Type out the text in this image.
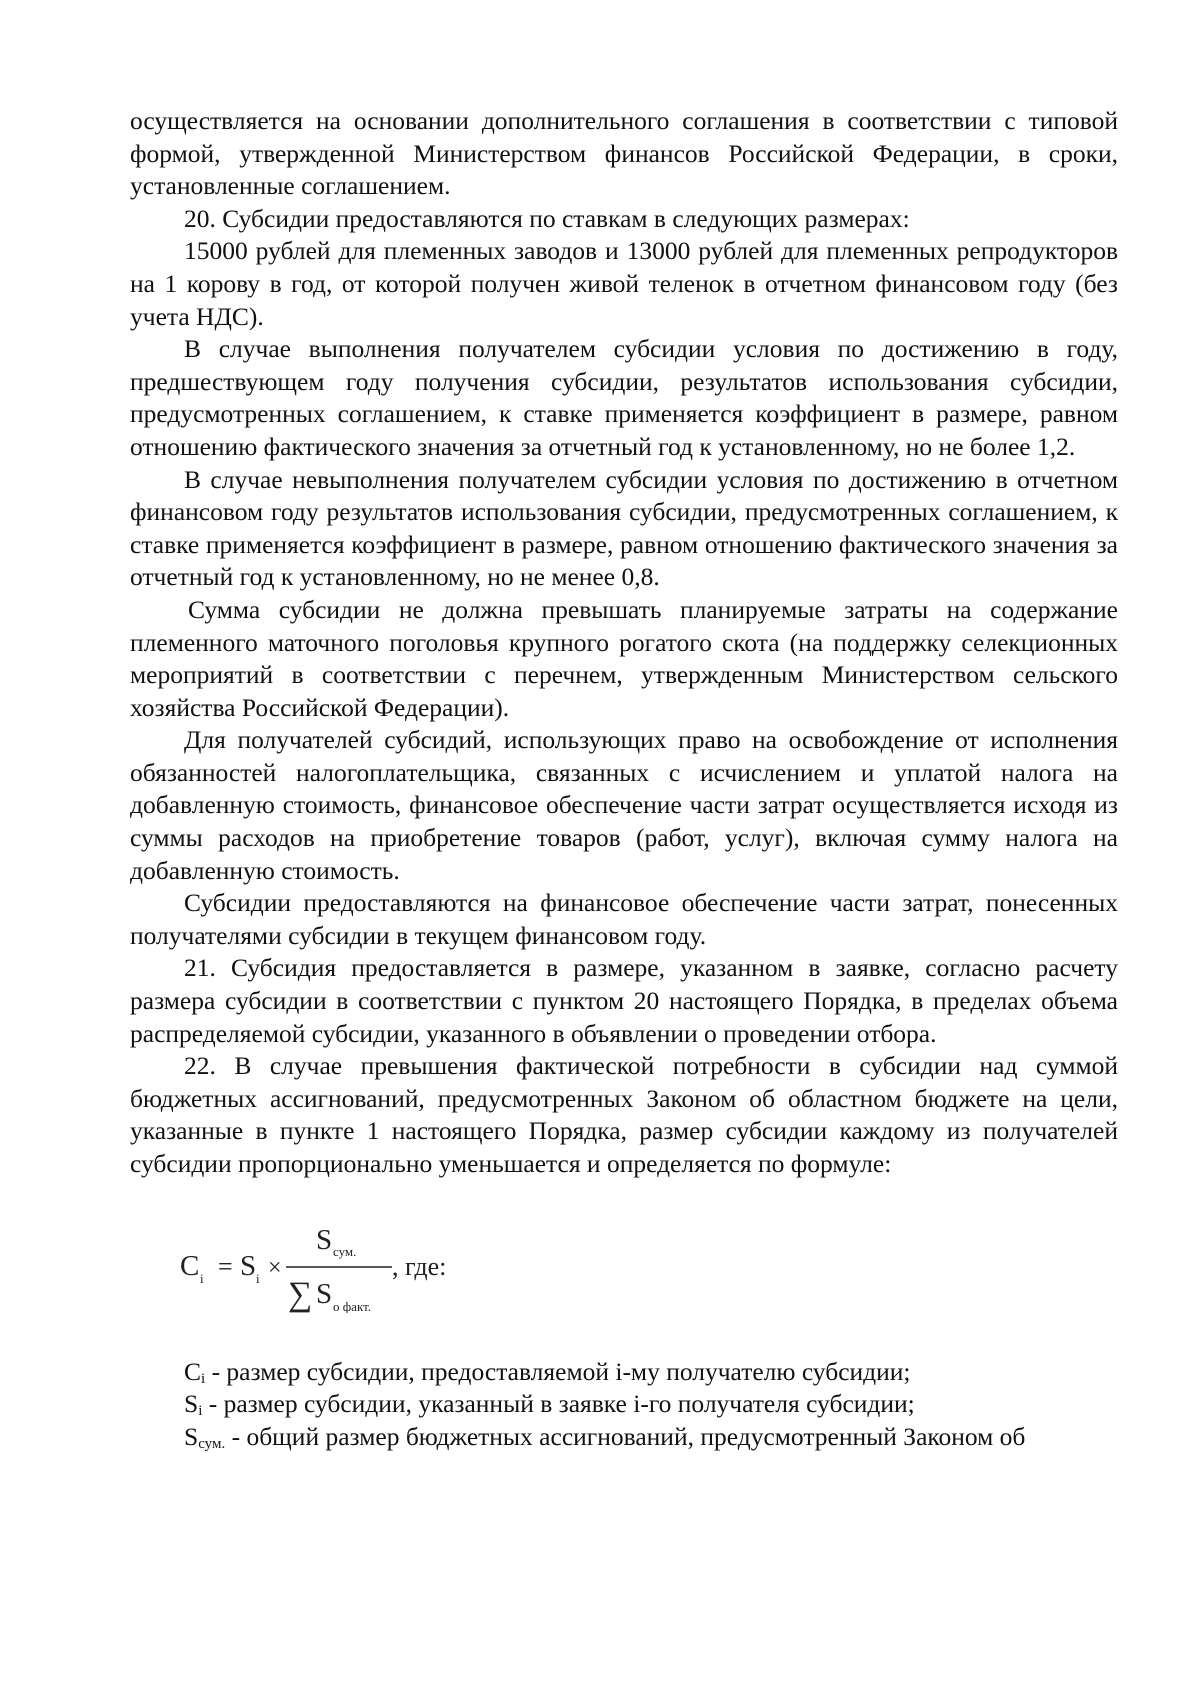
осуществляется на основании дополнительного соглашения в соответствии с типовой формой, утвержденной Министерством финансов Российской Федерации, в сроки, установленные соглашением.

20. Субсидии предоставляются по ставкам в следующих размерах:

15000 рублей для племенных заводов и 13000 рублей для племенных репродукторов на 1 корову в год, от которой получен живой теленок в отчетном финансовом году (без учета НДС).

В случае выполнения получателем субсидии условия по достижению в году, предшествующем году получения субсидии, результатов использования субсидии, предусмотренных соглашением, к ставке применяется коэффициент в размере, равном отношению фактического значения за отчетный год к установленному, но не более 1,2.

В случае невыполнения получателем субсидии условия по достижению в отчетном финансовом году результатов использования субсидии, предусмотренных соглашением, к ставке применяется коэффициент в размере, равном отношению фактического значения за отчетный год к установленному, но не менее 0,8.

Сумма субсидии не должна превышать планируемые затраты на содержание племенного маточного поголовья крупного рогатого скота (на поддержку селекционных мероприятий в соответствии с перечнем, утвержденным Министерством сельского хозяйства Российской Федерации).

Для получателей субсидий, использующих право на освобождение от исполнения обязанностей налогоплательщика, связанных с исчислением и уплатой налога на добавленную стоимость, финансовое обеспечение части затрат осуществляется исходя из суммы расходов на приобретение товаров (работ, услуг), включая сумму налога на добавленную стоимость.

Субсидии предоставляются на финансовое обеспечение части затрат, понесенных получателями субсидии в текущем финансовом году.

21. Субсидия предоставляется в размере, указанном в заявке, согласно расчету размера субсидии в соответствии с пунктом 20 настоящего Порядка, в пределах объема распределяемой субсидии, указанного в объявлении о проведении отбора.

22. В случае превышения фактической потребности в субсидии над суммой бюджетных ассигнований, предусмотренных Законом об областном бюджете на цели, указанные в пункте 1 настоящего Порядка, размер субсидии каждому из получателей субсидии пропорционально уменьшается и определяется по формуле:

C i = S i ×
S сум.
∑ S о факт.
, где:

$C_i$ - размер субсидии, предоставляемой i-му получателю субсидии;

$S_i$ - размер субсидии, указанный в заявке i-го получателя субсидии;

$S_{сум.}$ - общий размер бюджетных ассигнований, предусмотренный Законом об
